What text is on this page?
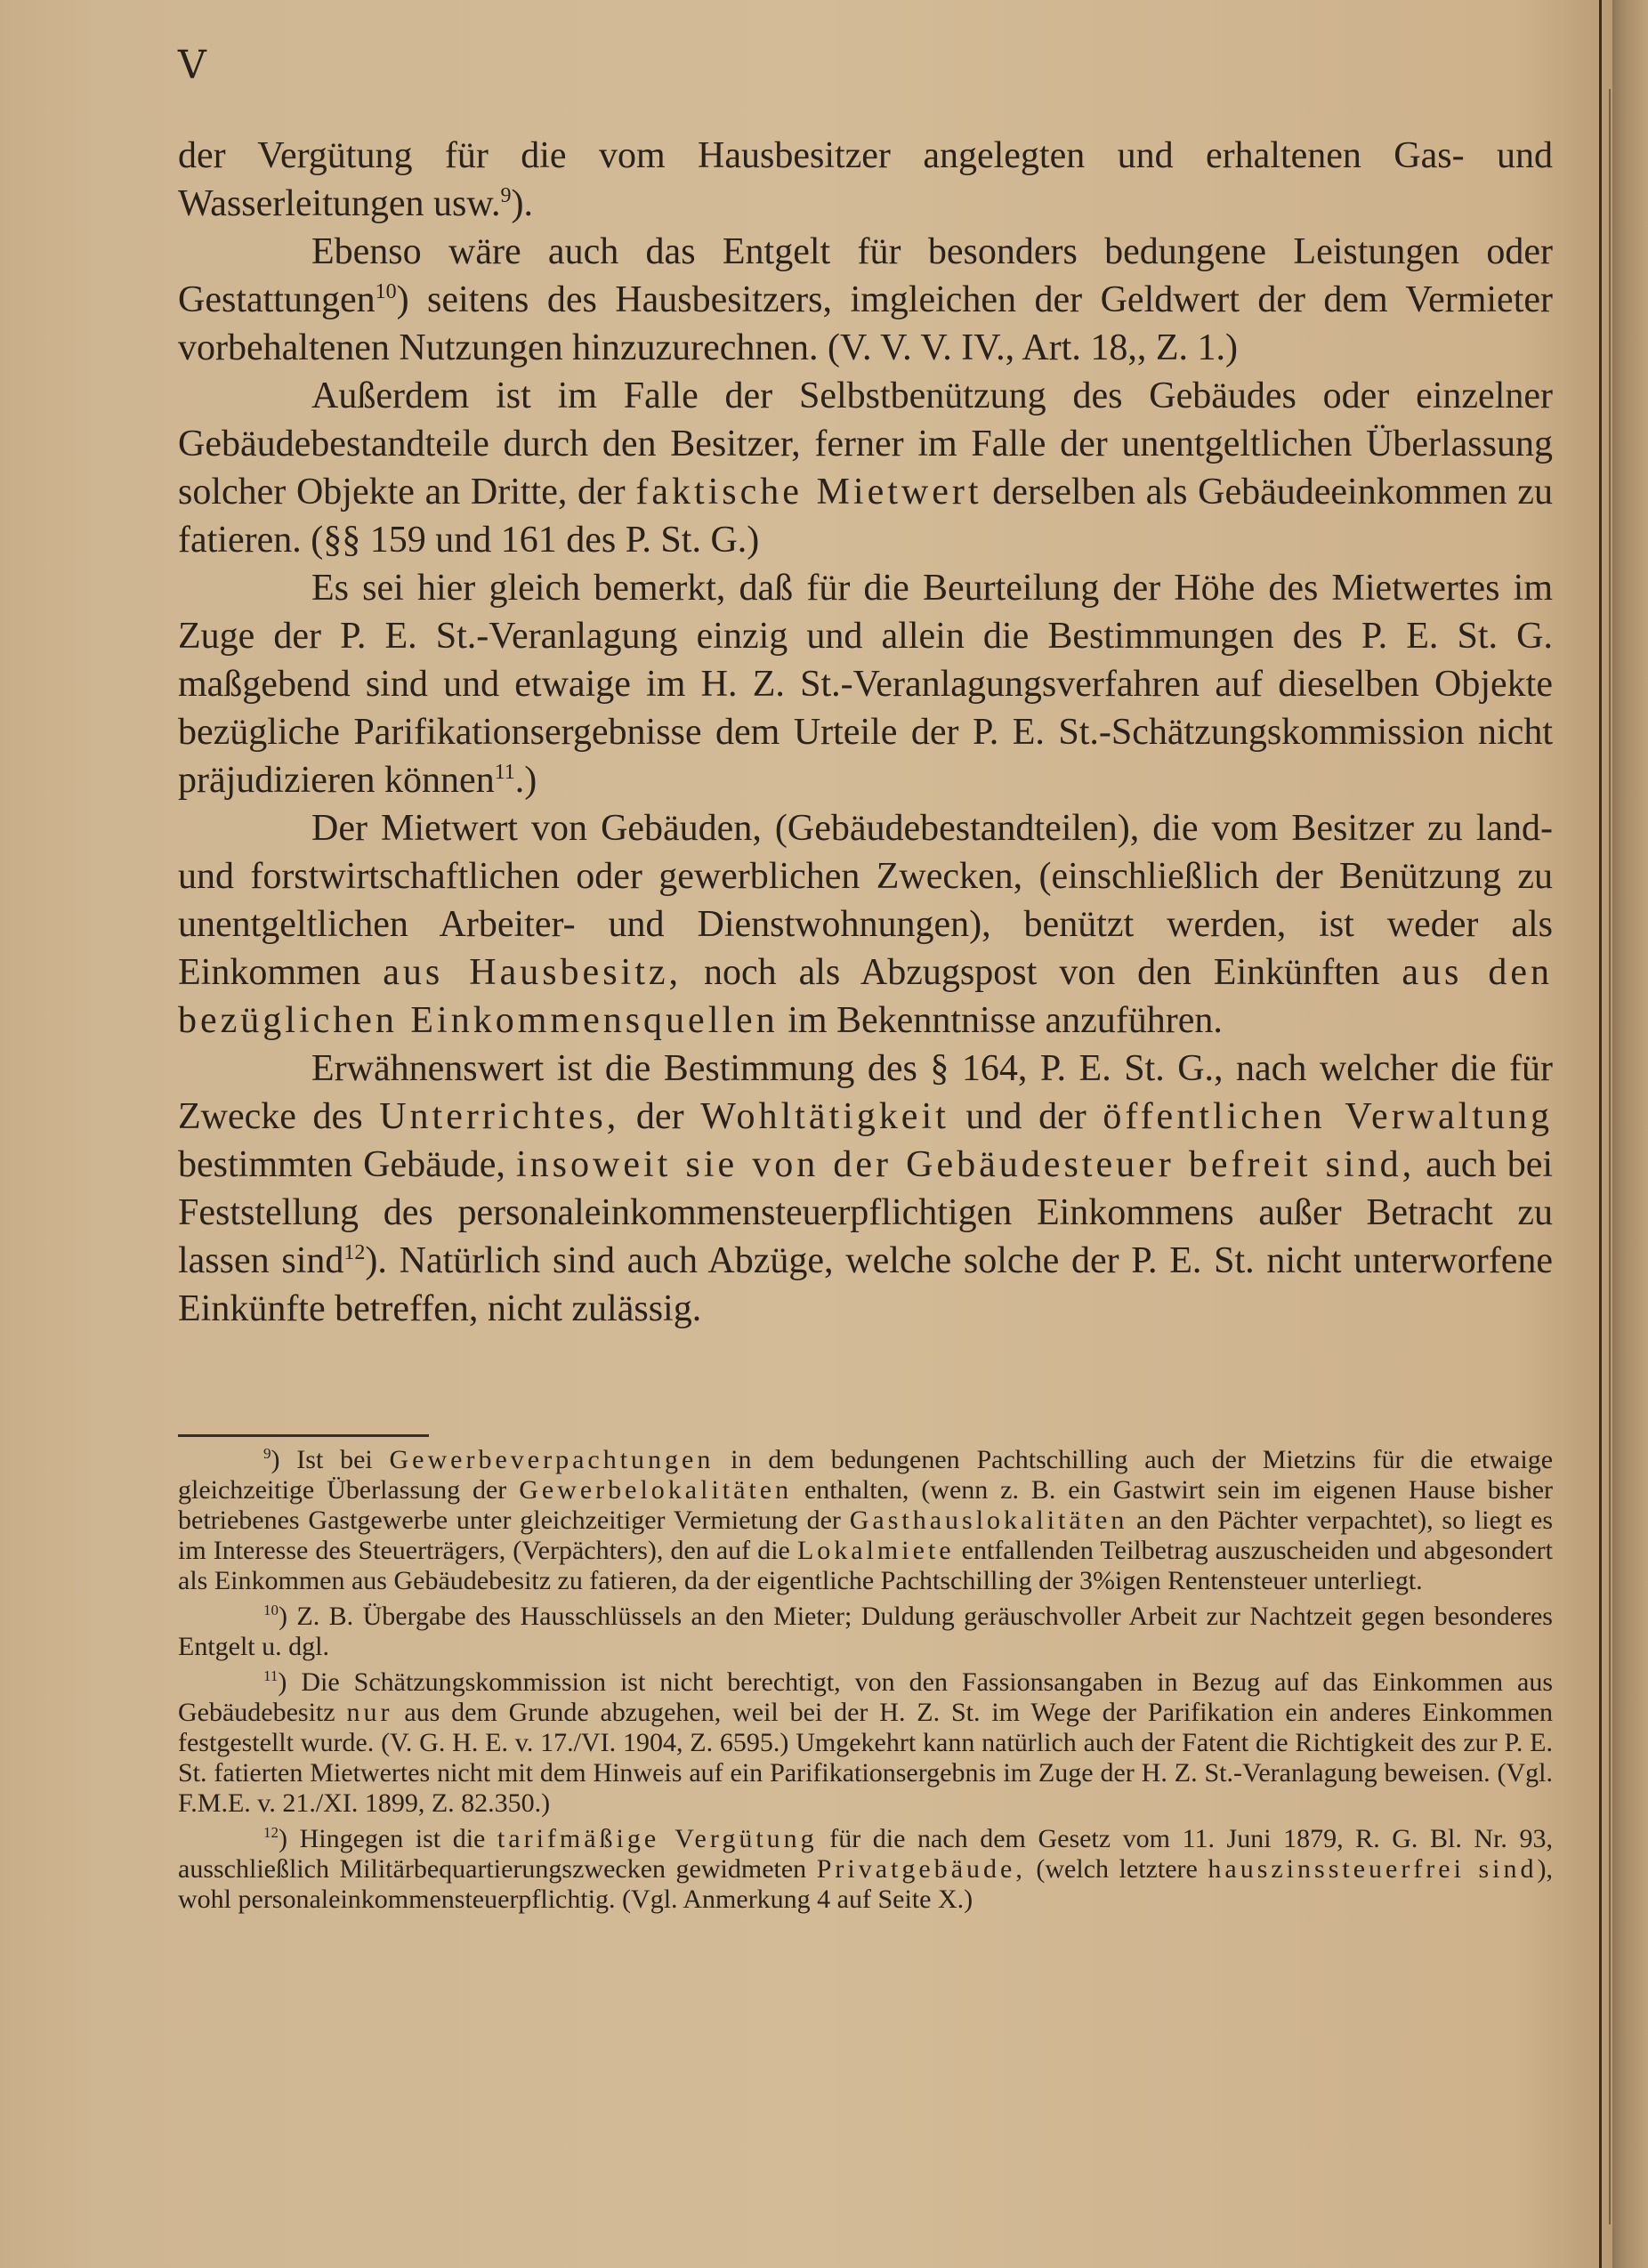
V

der Vergütung für die vom Hausbesitzer angelegten und erhaltenen Gas- und Wasserleitungen usw.$^9$).

Ebenso wäre auch das Entgelt für besonders bedungene Leistungen oder Gestattungen$^{10}$) seitens des Hausbesitzers, imgleichen der Geldwert der dem Vermieter vorbehaltenen Nutzungen hinzuzurechnen. (V. V. V. IV., Art. 18,, Z. 1.)

Außerdem ist im Falle der Selbstbenützung des Gebäudes oder einzelner Gebäudebestandteile durch den Besitzer, ferner im Falle der unentgeltlichen Überlassung solcher Objekte an Dritte, der faktische Mietwert derselben als Gebäudeeinkommen zu fatieren. (§§ 159 und 161 des P. St. G.)

Es sei hier gleich bemerkt, daß für die Beurteilung der Höhe des Mietwertes im Zuge der P. E. St.-Veranlagung einzig und allein die Bestimmungen des P. E. St. G. maßgebend sind und etwaige im H. Z. St.-Veranlagungsverfahren auf dieselben Objekte bezügliche Parifikationsergebnisse dem Urteile der P. E. St.-Schätzungskommission nicht präjudizieren können$^{11}$.)

Der Mietwert von Gebäuden, (Gebäudebestandteilen), die vom Besitzer zu land- und forstwirtschaftlichen oder gewerblichen Zwecken, (einschließlich der Benützung zu unentgeltlichen Arbeiter- und Dienstwohnungen), benützt werden, ist weder als Einkommen aus Hausbesitz, noch als Abzugspost von den Einkünften aus den bezüglichen Einkommensquellen im Bekenntnisse anzuführen.

Erwähnenswert ist die Bestimmung des § 164, P. E. St. G., nach welcher die für Zwecke des Unterrichtes, der Wohltätigkeit und der öffentlichen Verwaltung bestimmten Gebäude, insoweit sie von der Gebäudesteuer befreit sind, auch bei Feststellung des personaleinkommensteuerpflichtigen Einkommens außer Betracht zu lassen sind$^{12}$). Natürlich sind auch Abzüge, welche solche der P. E. St. nicht unterworfene Einkünfte betreffen, nicht zulässig.

$^9$) Ist bei Gewerbeverpachtungen in dem bedungenen Pachtschilling auch der Mietzins für die etwaige gleichzeitige Überlassung der Gewerbelokalitäten enthalten, (wenn z. B. ein Gastwirt sein im eigenen Hause bisher betriebenes Gastgewerbe unter gleichzeitiger Vermietung der Gasthauslokalitäten an den Pächter verpachtet), so liegt es im Interesse des Steuerträgers, (Verpächters), den auf die Lokalmiete entfallenden Teilbetrag auszuscheiden und abgesondert als Einkommen aus Gebäudebesitz zu fatieren, da der eigentliche Pachtschilling der 3%igen Rentensteuer unterliegt.

$^{10}$) Z. B. Übergabe des Hausschlüssels an den Mieter; Duldung geräuschvoller Arbeit zur Nachtzeit gegen besonderes Entgelt u. dgl.

$^{11}$) Die Schätzungskommission ist nicht berechtigt, von den Fassionsangaben in Bezug auf das Einkommen aus Gebäudebesitz nur aus dem Grunde abzugehen, weil bei der H. Z. St. im Wege der Parifikation ein anderes Einkommen festgestellt wurde. (V. G. H. E. v. 17./VI. 1904, Z. 6595.) Umgekehrt kann natürlich auch der Fatent die Richtigkeit des zur P. E. St. fatierten Mietwertes nicht mit dem Hinweis auf ein Parifikationsergebnis im Zuge der H. Z. St.-Veranlagung beweisen. (Vgl. F.M.E. v. 21./XI. 1899, Z. 82.350.)

$^{12}$) Hingegen ist die tarifmäßige Vergütung für die nach dem Gesetz vom 11. Juni 1879, R. G. Bl. Nr. 93, ausschließlich Militärbequartierungszwecken gewidmeten Privatgebäude, (welch letztere hauszinssteuerfrei sind), wohl personaleinkommensteuerpflichtig. (Vgl. Anmerkung 4 auf Seite X.)
